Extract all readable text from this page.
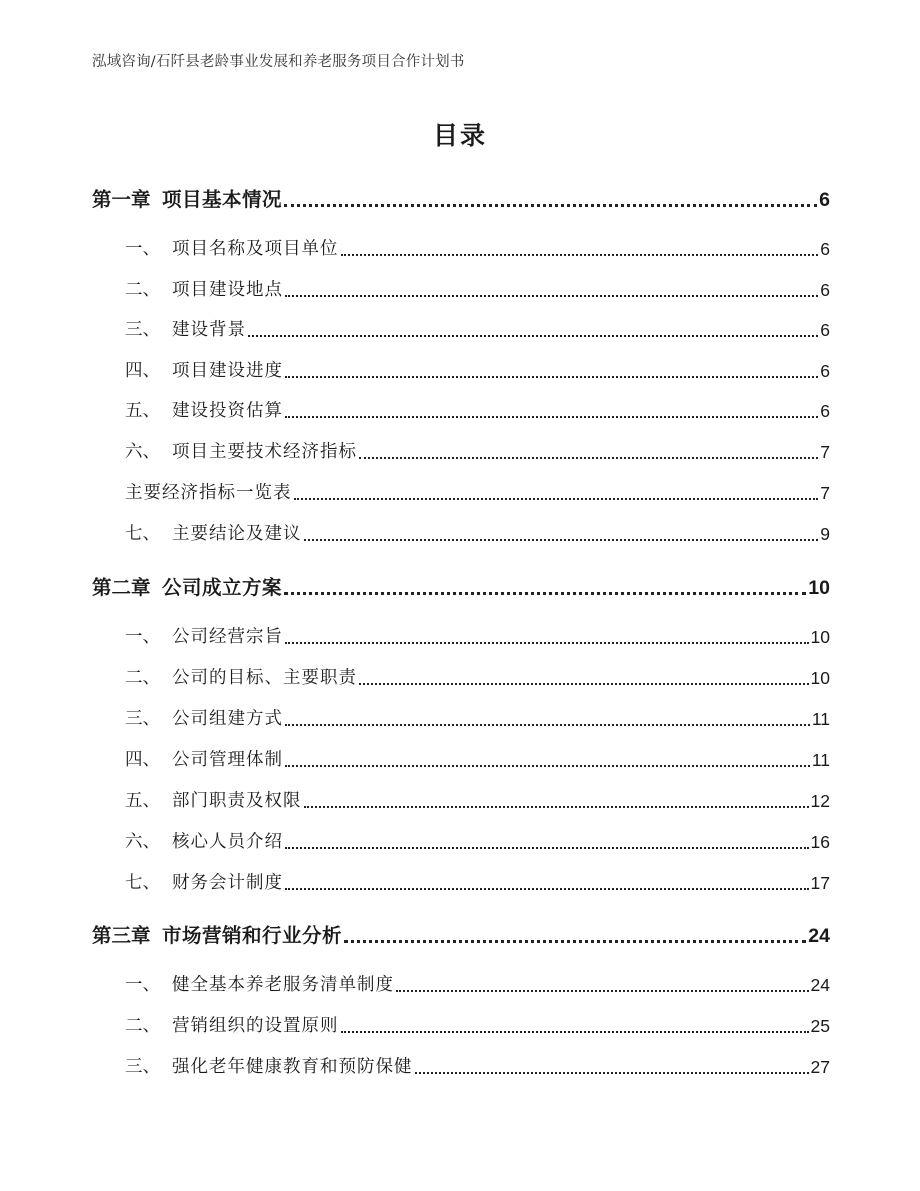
泓域咨询/石阡县老龄事业发展和养老服务项目合作计划书
目录
第一章 项目基本情况	6
一、 项目名称及项目单位	6
二、 项目建设地点	6
三、 建设背景	6
四、 项目建设进度	6
五、 建设投资估算	6
六、 项目主要技术经济指标	7
主要经济指标一览表	7
七、 主要结论及建议	9
第二章 公司成立方案	10
一、 公司经营宗旨	10
二、 公司的目标、主要职责	10
三、 公司组建方式	11
四、 公司管理体制	11
五、 部门职责及权限	12
六、 核心人员介绍	16
七、 财务会计制度	17
第三章 市场营销和行业分析	24
一、 健全基本养老服务清单制度	24
二、 营销组织的设置原则	25
三、 强化老年健康教育和预防保健	27
